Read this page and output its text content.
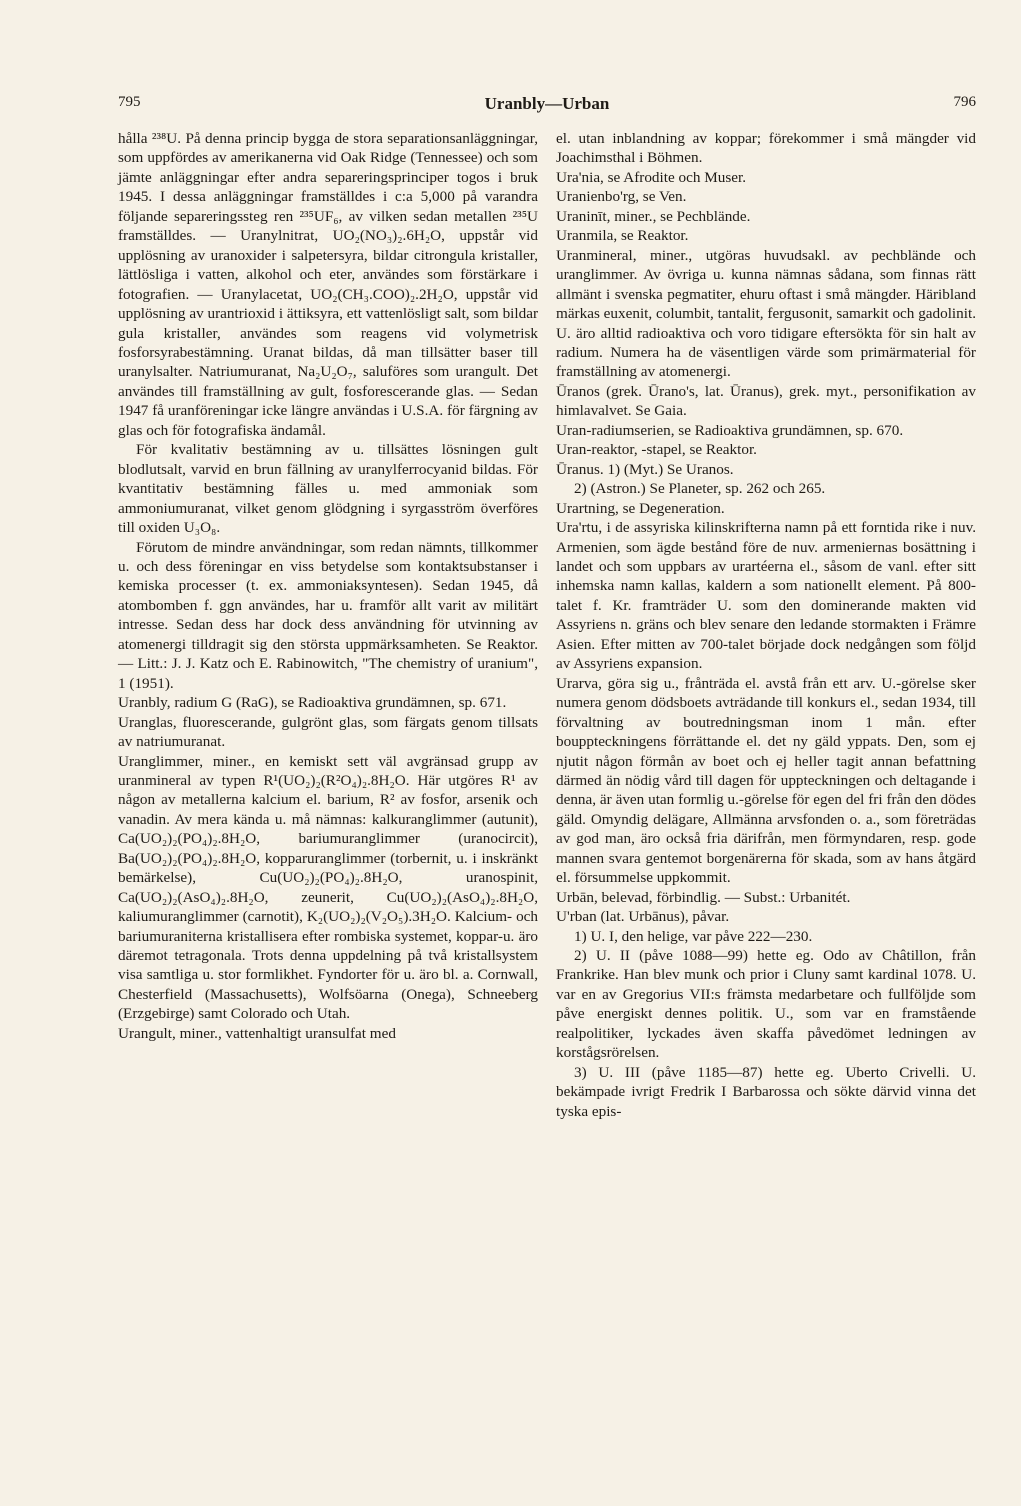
795	Uranbly—Urban	796

hålla ²³⁸U. På denna princip bygga de stora separationsanläggningar, som uppfördes av amerikanerna vid Oak Ridge (Tennessee) och som jämte anläggningar efter andra separeringsprinciper togos i bruk 1945. I dessa anläggningar framställdes i c:a 5,000 på varandra följande separeringssteg ren ²³⁵UF₆, av vilken sedan metallen ²³⁵U framställdes. — Uranylnitrat, UO₂(NO₃)₂.6H₂O, uppstår vid upplösning av uranoxider i salpetersyra, bildar citrongula kristaller, lättlösliga i vatten, alkohol och eter, användes som förstärkare i fotografien. — Uranylacetat, UO₂(CH₃.COO)₂.2H₂O, uppstår vid upplösning av urantrioxid i ättiksyra, ett vattenlösligt salt, som bildar gula kristaller, användes som reagens vid volymetrisk fosforsyrabestämning. Uranat bildas, då man tillsätter baser till uranylsalter. Natriumuranat, Na₂U₂O₇, saluföres som urangult. Det användes till framställning av gult, fosforescerande glas. — Sedan 1947 få uranföreningar icke längre användas i U.S.A. för färgning av glas och för fotografiska ändamål.

För kvalitativ bestämning av u. tillsättes lösningen gult blodlutsalt, varvid en brun fällning av uranylferrocyanid bildas. För kvantitativ bestämning fälles u. med ammoniak som ammoniumuranat, vilket genom glödgning i syrgasström överföres till oxiden U₃O₈.

Förutom de mindre användningar, som redan nämnts, tillkommer u. och dess föreningar en viss betydelse som kontaktsubstanser i kemiska processer (t. ex. ammoniaksyntesen). Sedan 1945, då atombomben f. ggn användes, har u. framför allt varit av militärt intresse. Sedan dess har dock dess användning för utvinning av atomenergi tilldragit sig den största uppmärksamheten. Se Reaktor. — Litt.: J. J. Katz och E. Rabinowitch, "The chemistry of uranium", 1 (1951).

Uranbly, radium G (RaG), se Radioaktiva grundämnen, sp. 671.

Uranglas, fluorescerande, gulgrönt glas, som färgats genom tillsats av natriumuranat.

Uranglimmer, miner., en kemiskt sett väl avgränsad grupp av uranmineral av typen R¹(UO₂)₂(R²O₄)₂.8H₂O. Här utgöres R¹ av någon av metallerna kalcium el. barium, R² av fosfor, arsenik och vanadin. Av mera kända u. må nämnas: kalkuranglimmer (autunit), Ca(UO₂)₂(PO₄)₂.8H₂O, bariumuranglimmer (uranocircit), Ba(UO₂)₂(PO₄)₂.8H₂O, kopparuranglimmer (torbernit, u. i inskränkt bemärkelse), Cu(UO₂)₂(PO₄)₂.8H₂O, uranospinit, Ca(UO₂)₂(AsO₄)₂.8H₂O, zeunerit, Cu(UO₂)₂(AsO₄)₂.8H₂O, kaliumuranglimmer (carnotit), K₂(UO₂)₂(V₂O₅).3H₂O. Kalcium- och bariumuraniterna kristallisera efter rombiska systemet, koppar-u. äro däremot tetragonala. Trots denna uppdelning på två kristallsystem visa samtliga u. stor formlikhet. Fyndorter för u. äro bl. a. Cornwall, Chesterfield (Massachusetts), Wolfsöarna (Onega), Schneeberg (Erzgebirge) samt Colorado och Utah.

Urangult, miner., vattenhaltigt uransulfat med

el. utan inblandning av koppar; förekommer i små mängder vid Joachimsthal i Böhmen.

Ura'nia, se Afrodite och Muser.

Uranienbo'rg, se Ven.

Uraninīt, miner., se Pechblände.

Uranmila, se Reaktor.

Uranmineral, miner., utgöras huvudsakl. av pechblände och uranglimmer. Av övriga u. kunna nämnas sådana, som finnas rätt allmänt i svenska pegmatiter, ehuru oftast i små mängder. Häribland märkas euxenit, columbit, tantalit, fergusonit, samarkit och gadolinit. U. äro alltid radioaktiva och voro tidigare eftersökta för sin halt av radium. Numera ha de väsentligen värde som primärmaterial för framställning av atomenergi.

Ūranos (grek. Ūrano's, lat. Ūranus), grek. myt., personifikation av himlavalvet. Se Gaia.

Uran-radiumserien, se Radioaktiva grundämnen, sp. 670.

Uran-reaktor, -stapel, se Reaktor.

Ūranus. 1) (Myt.) Se Uranos.

2) (Astron.) Se Planeter, sp. 262 och 265.

Urartning, se Degeneration.

Ura'rtu, i de assyriska kilinskrifterna namn på ett forntida rike i nuv. Armenien, som ägde bestånd före de nuv. armeniernas bosättning i landet och som uppbars av urartéerna el., såsom de vanl. efter sitt inhemska namn kallas, kaldern a som nationellt element. På 800-talet f. Kr. framträder U. som den dominerande makten vid Assyriens n. gräns och blev senare den ledande stormakten i Främre Asien. Efter mitten av 700-talet började dock nedgången som följd av Assyriens expansion.

Urarva, göra sig u., frånträda el. avstå från ett arv. U.-görelse sker numera genom dödsboets avträdande till konkurs el., sedan 1934, till förvaltning av boutredningsman inom 1 mån. efter bouppteckningens förrättande el. det ny gäld yppats. Den, som ej njutit någon förmån av boet och ej heller tagit annan befattning därmed än nödig vård till dagen för uppteckningen och deltagande i denna, är även utan formlig u.-görelse för egen del fri från den dödes gäld. Omyndig delägare, Allmänna arvsfonden o. a., som företrädas av god man, äro också fria därifrån, men förmyndaren, resp. gode mannen svara gentemot borgenärerna för skada, som av hans åtgärd el. försummelse uppkommit.

Urbān, belevad, förbindlig. — Subst.: Urbanitét.

U'rban (lat. Urbānus), påvar.

1) U. I, den helige, var påve 222—230.

2) U. II (påve 1088—99) hette eg. Odo av Châtillon, från Frankrike. Han blev munk och prior i Cluny samt kardinal 1078. U. var en av Gregorius VII:s främsta medarbetare och fullföljde som påve energiskt dennes politik. U., som var en framstående realpolitiker, lyckades även skaffa påvedömet ledningen av korstågsrörelsen.

3) U. III (påve 1185—87) hette eg. Uberto Crivelli. U. bekämpade ivrigt Fredrik I Barbarossa och sökte därvid vinna det tyska epis-
